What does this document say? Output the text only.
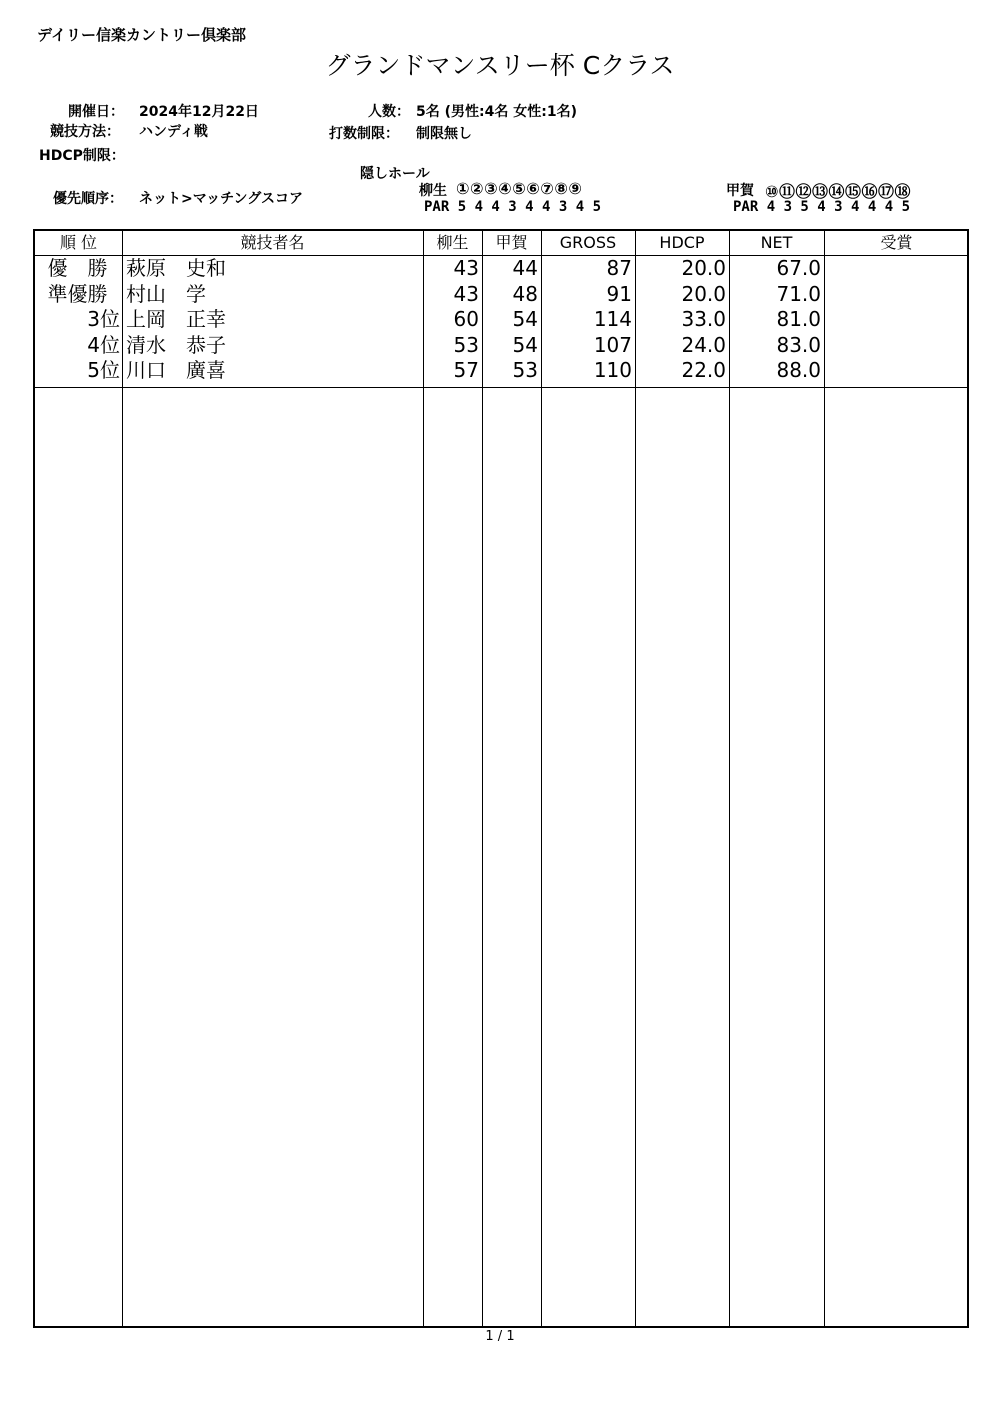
デイリー信楽カントリー倶楽部
グランドマンスリー杯 Cクラス
開催日： 2024年12月22日
競技方法： ハンディ戦
HDCP制限：
人数： 5名 (男性:4名 女性:1名)
打数制限： 制限無し
隠しホール
優先順序： ネット>マッチングスコア	柳生 ①②③④⑤⑥⑦⑧⑨
PAR 5 4 4 3 4 4 3 4 5
甲賀 ⑩⑪⑫⑬⑭⑮⑯⑰⑱
PAR 4 3 5 4 3 4 4 4 5
順 位	競技者名	柳生	甲賀	GROSS	HDCP	NET	受賞
優　勝 萩原　史和	43	44	87	20.0	67.0
準優勝 村山　学	43	48	91	20.0	71.0
3位 上岡　正幸	60	54	114	33.0	81.0
4位 清水　恭子	53	54	107	24.0	83.0
5位 川口　廣喜	57	53	110	22.0	88.0
1 / 1
